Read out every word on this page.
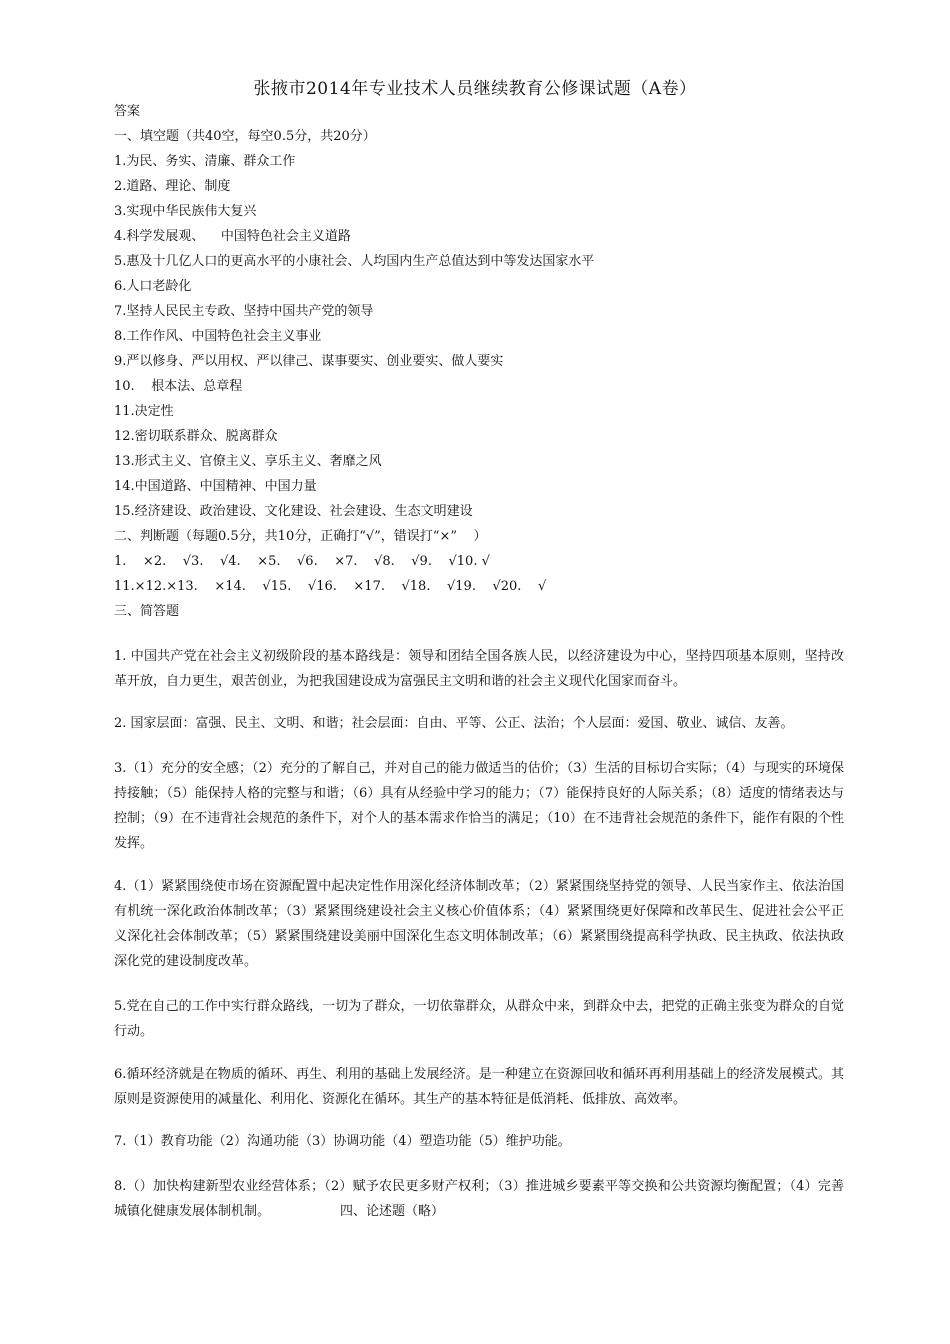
张掖市2014年专业技术人员继续教育公修课试题（A卷）
答案
一、填空题（共40空，每空0.5分，共20分）
1.为民、务实、清廉、群众工作
2.道路、理论、制度
3.实现中华民族伟大复兴
4.科学发展观、    中国特色社会主义道路
5.惠及十几亿人口的更高水平的小康社会、人均国内生产总值达到中等发达国家水平
6.人口老龄化
7.坚持人民民主专政、坚持中国共产党的领导
8.工作作风、中国特色社会主义事业
9.严以修身、严以用权、严以律己、谋事要实、创业要实、做人要实
10.    根本法、总章程
11.决定性
12.密切联系群众、脱离群众
13.形式主义、官僚主义、享乐主义、奢靡之风
14.中国道路、中国精神、中国力量
15.经济建设、政治建设、文化建设、社会建设、生态文明建设
二、判断题（每题0.5分，共10分，正确打“√”，错误打“×”    ）
1.    ×2.    √3.    √4.    ×5.    √6.    ×7.    √8.    √9.    √10. √
11.×12.×13.    ×14.    √15.    √16.    ×17.    √18.    √19.    √20.    √
三、简答题
1. 中国共产党在社会主义初级阶段的基本路线是：领导和团结全国各族人民，以经济建设为中心，坚持四项基本原则，坚持改革开放，自力更生，艰苦创业，为把我国建设成为富强民主文明和谐的社会主义现代化国家而奋斗。
2. 国家层面：富强、民主、文明、和谐；社会层面：自由、平等、公正、法治；个人层面：爱国、敬业、诚信、友善。
3.（1）充分的安全感；（2）充分的了解自己，并对自己的能力做适当的估价；（3）生活的目标切合实际；（4）与现实的环境保持接触；（5）能保持人格的完整与和谐；（6）具有从经验中学习的能力；（7）能保持良好的人际关系；（8）适度的情绪表达与控制；（9）在不违背社会规范的条件下，对个人的基本需求作恰当的满足；（10）在不违背社会规范的条件下，能作有限的个性发挥。
4.（1）紧紧围绕使市场在资源配置中起决定性作用深化经济体制改革；（2）紧紧围绕坚持党的领导、人民当家作主、依法治国有机统一深化政治体制改革；（3）紧紧围绕建设社会主义核心价值体系；（4）紧紧围绕更好保障和改革民生、促进社会公平正义深化社会体制改革；（5）紧紧围绕建设美丽中国深化生态文明体制改革；（6）紧紧围绕提高科学执政、民主执政、依法执政深化党的建设制度改革。
5.党在自己的工作中实行群众路线，一切为了群众，一切依靠群众，从群众中来，到群众中去，把党的正确主张变为群众的自觉行动。
6.循环经济就是在物质的循环、再生、利用的基础上发展经济。是一种建立在资源回收和循环再利用基础上的经济发展模式。其原则是资源使用的减量化、利用化、资源化在循环。其生产的基本特征是低消耗、低排放、高效率。
7.（1）教育功能（2）沟通功能（3）协调功能（4）塑造功能（5）维护功能。
8.（）加快构建新型农业经营体系；（2）赋予农民更多财产权利；（3）推进城乡要素平等交换和公共资源均衡配置；（4）完善城镇化健康发展体制机制。	四、论述题（略）
